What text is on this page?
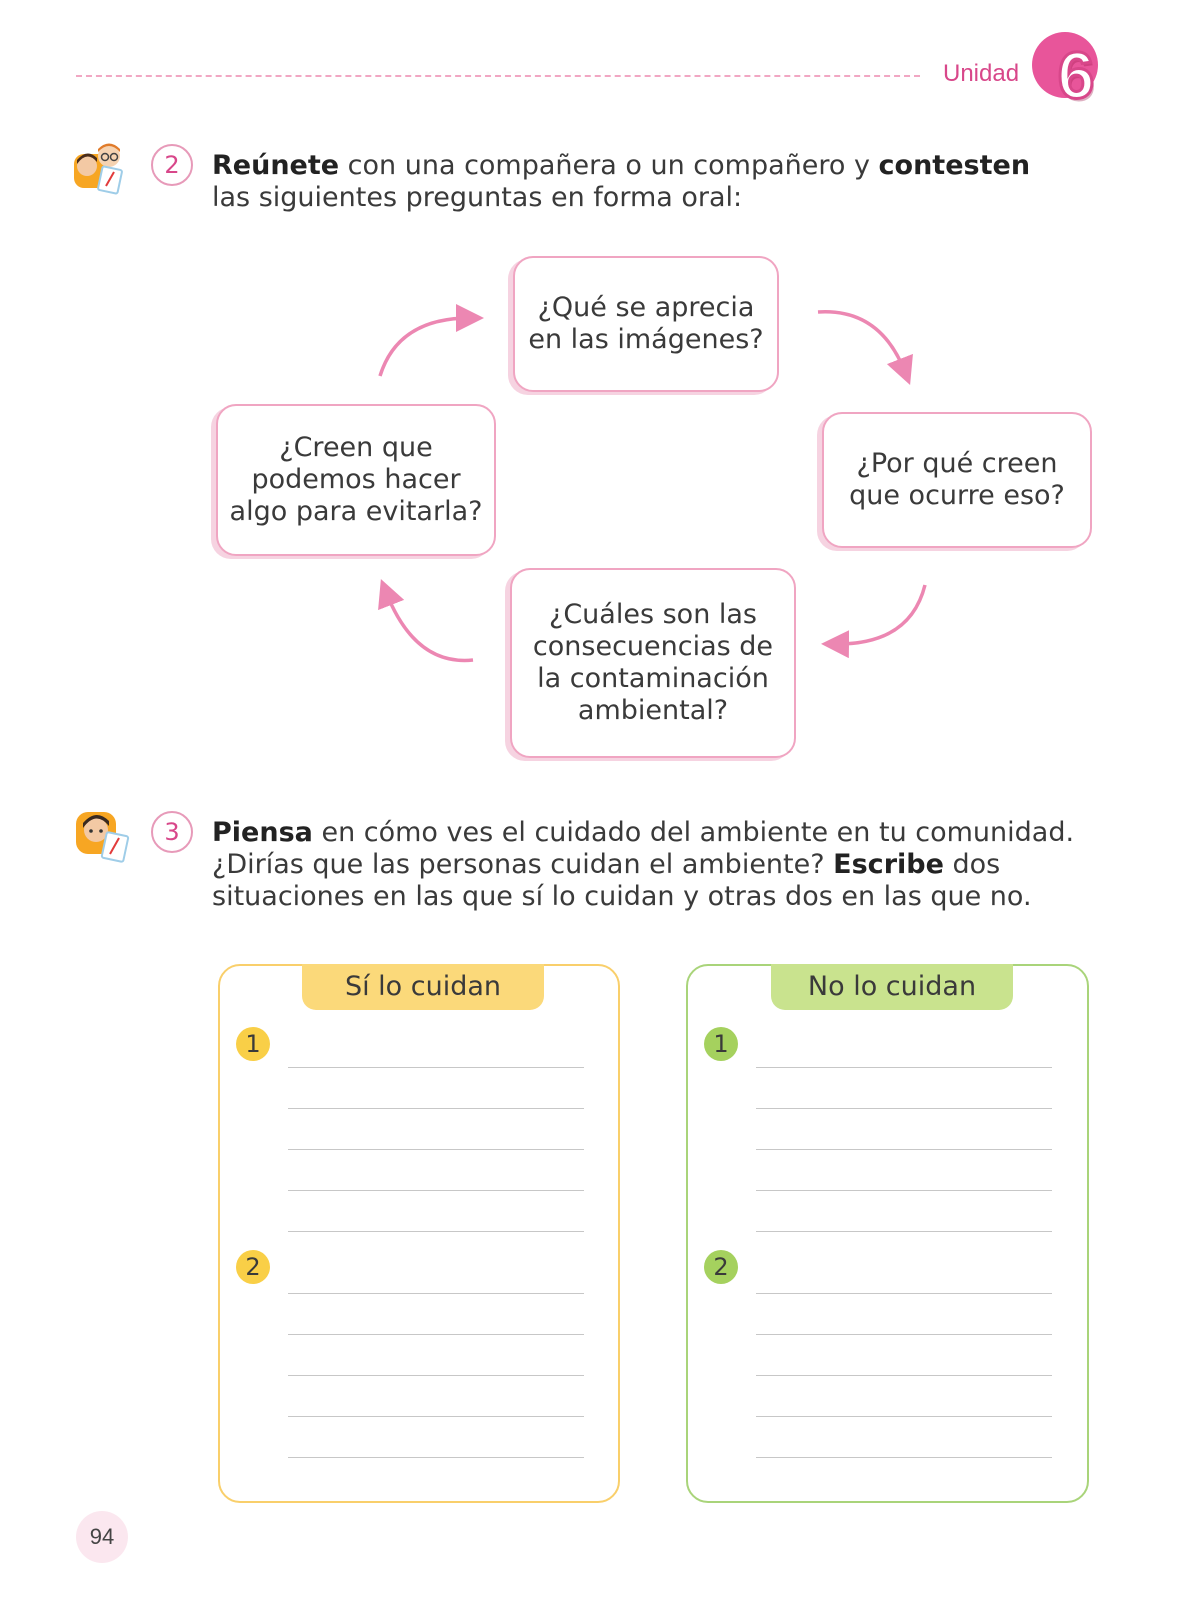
Unidad 6
2	Reúnete con una compañera o un compañero y contesten las siguientes preguntas en forma oral:
¿Qué se aprecia en las imágenes?
¿Por qué creen que ocurre eso?
¿Cuáles son las consecuencias de la contaminación ambiental?
¿Creen que podemos hacer algo para evitarla?
3	Piensa en cómo ves el cuidado del ambiente en tu comunidad. ¿Dirías que las personas cuidan el ambiente? Escribe dos situaciones en las que sí lo cuidan y otras dos en las que no.
Sí lo cuidan
1
2
No lo cuidan
1
2
94
